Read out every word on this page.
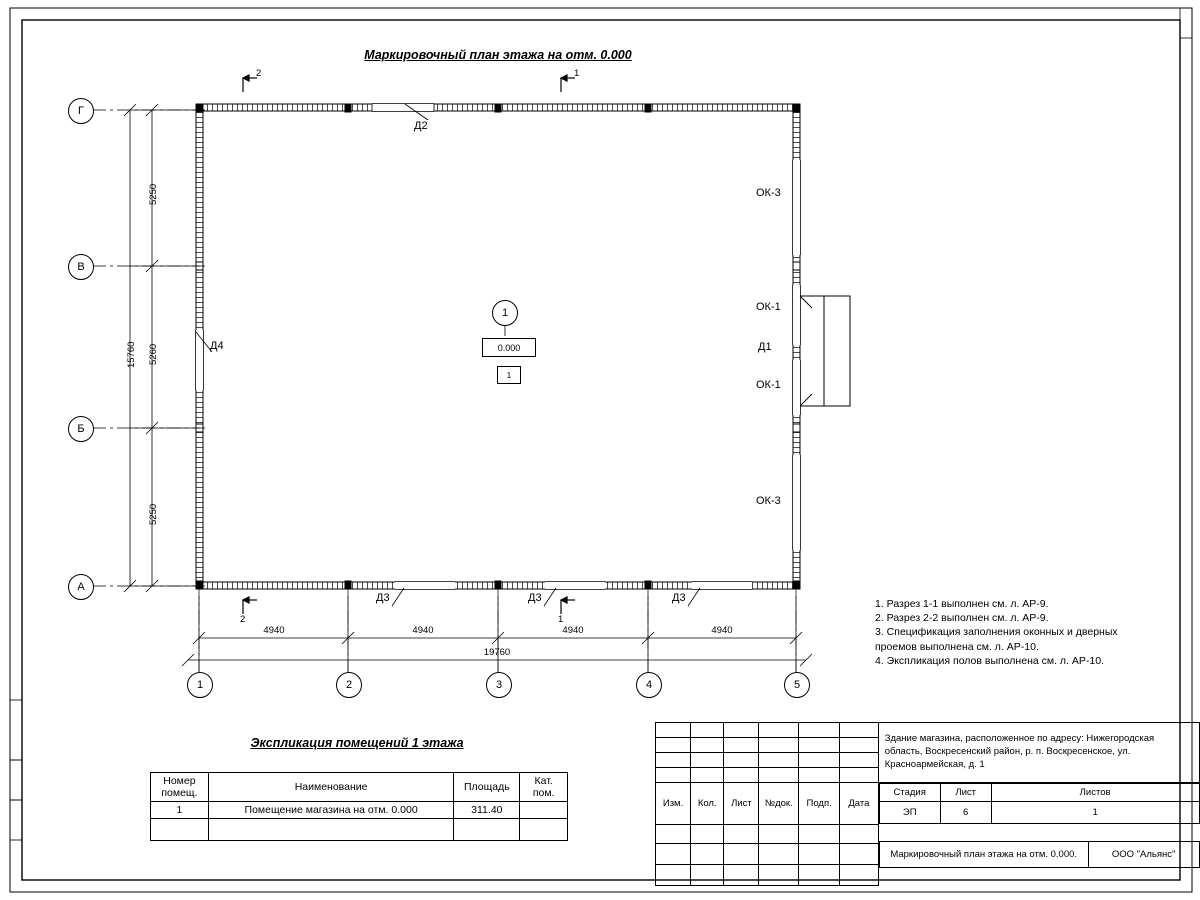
Маркировочный план этажа на отм. 0.000
Г
В
Б
А
1	2	3	4	5
5250
5260
5250
15760
4940	4940	4940	4940
19760
2	1
2	1
Д2
Д4	Д1
Д3	Д3	Д3
ОК-3
ОК-1
ОК-1
ОК-3
1
0.000
1
1. Разрез 1-1 выполнен см. л. АР-9.
2. Разрез 2-2 выполнен см. л. АР-9.
3. Спецификация заполнения оконных и дверных
проемов выполнена см. л. АР-10.
4. Экспликация полов выполнена см. л. АР-10.
Экспликация помещений 1 этажа
Номер помещ.	Наименование	Площадь	Кат. пом.
1	Помещение магазина на отм. 0.000	311.40	

						Здание магазина, расположенное по адресу: Нижегородская область, Воскресенский район, р. п. Воскресенское, ул. Красноармейская, д. 1

Изм.	Кол.	Лист	№док.	Подп.	Дата	
Стадия	Лист	Листов
ЭП	6	1

Маркировочный план этажа на отм. 0.000.	ООО "Альянс"
